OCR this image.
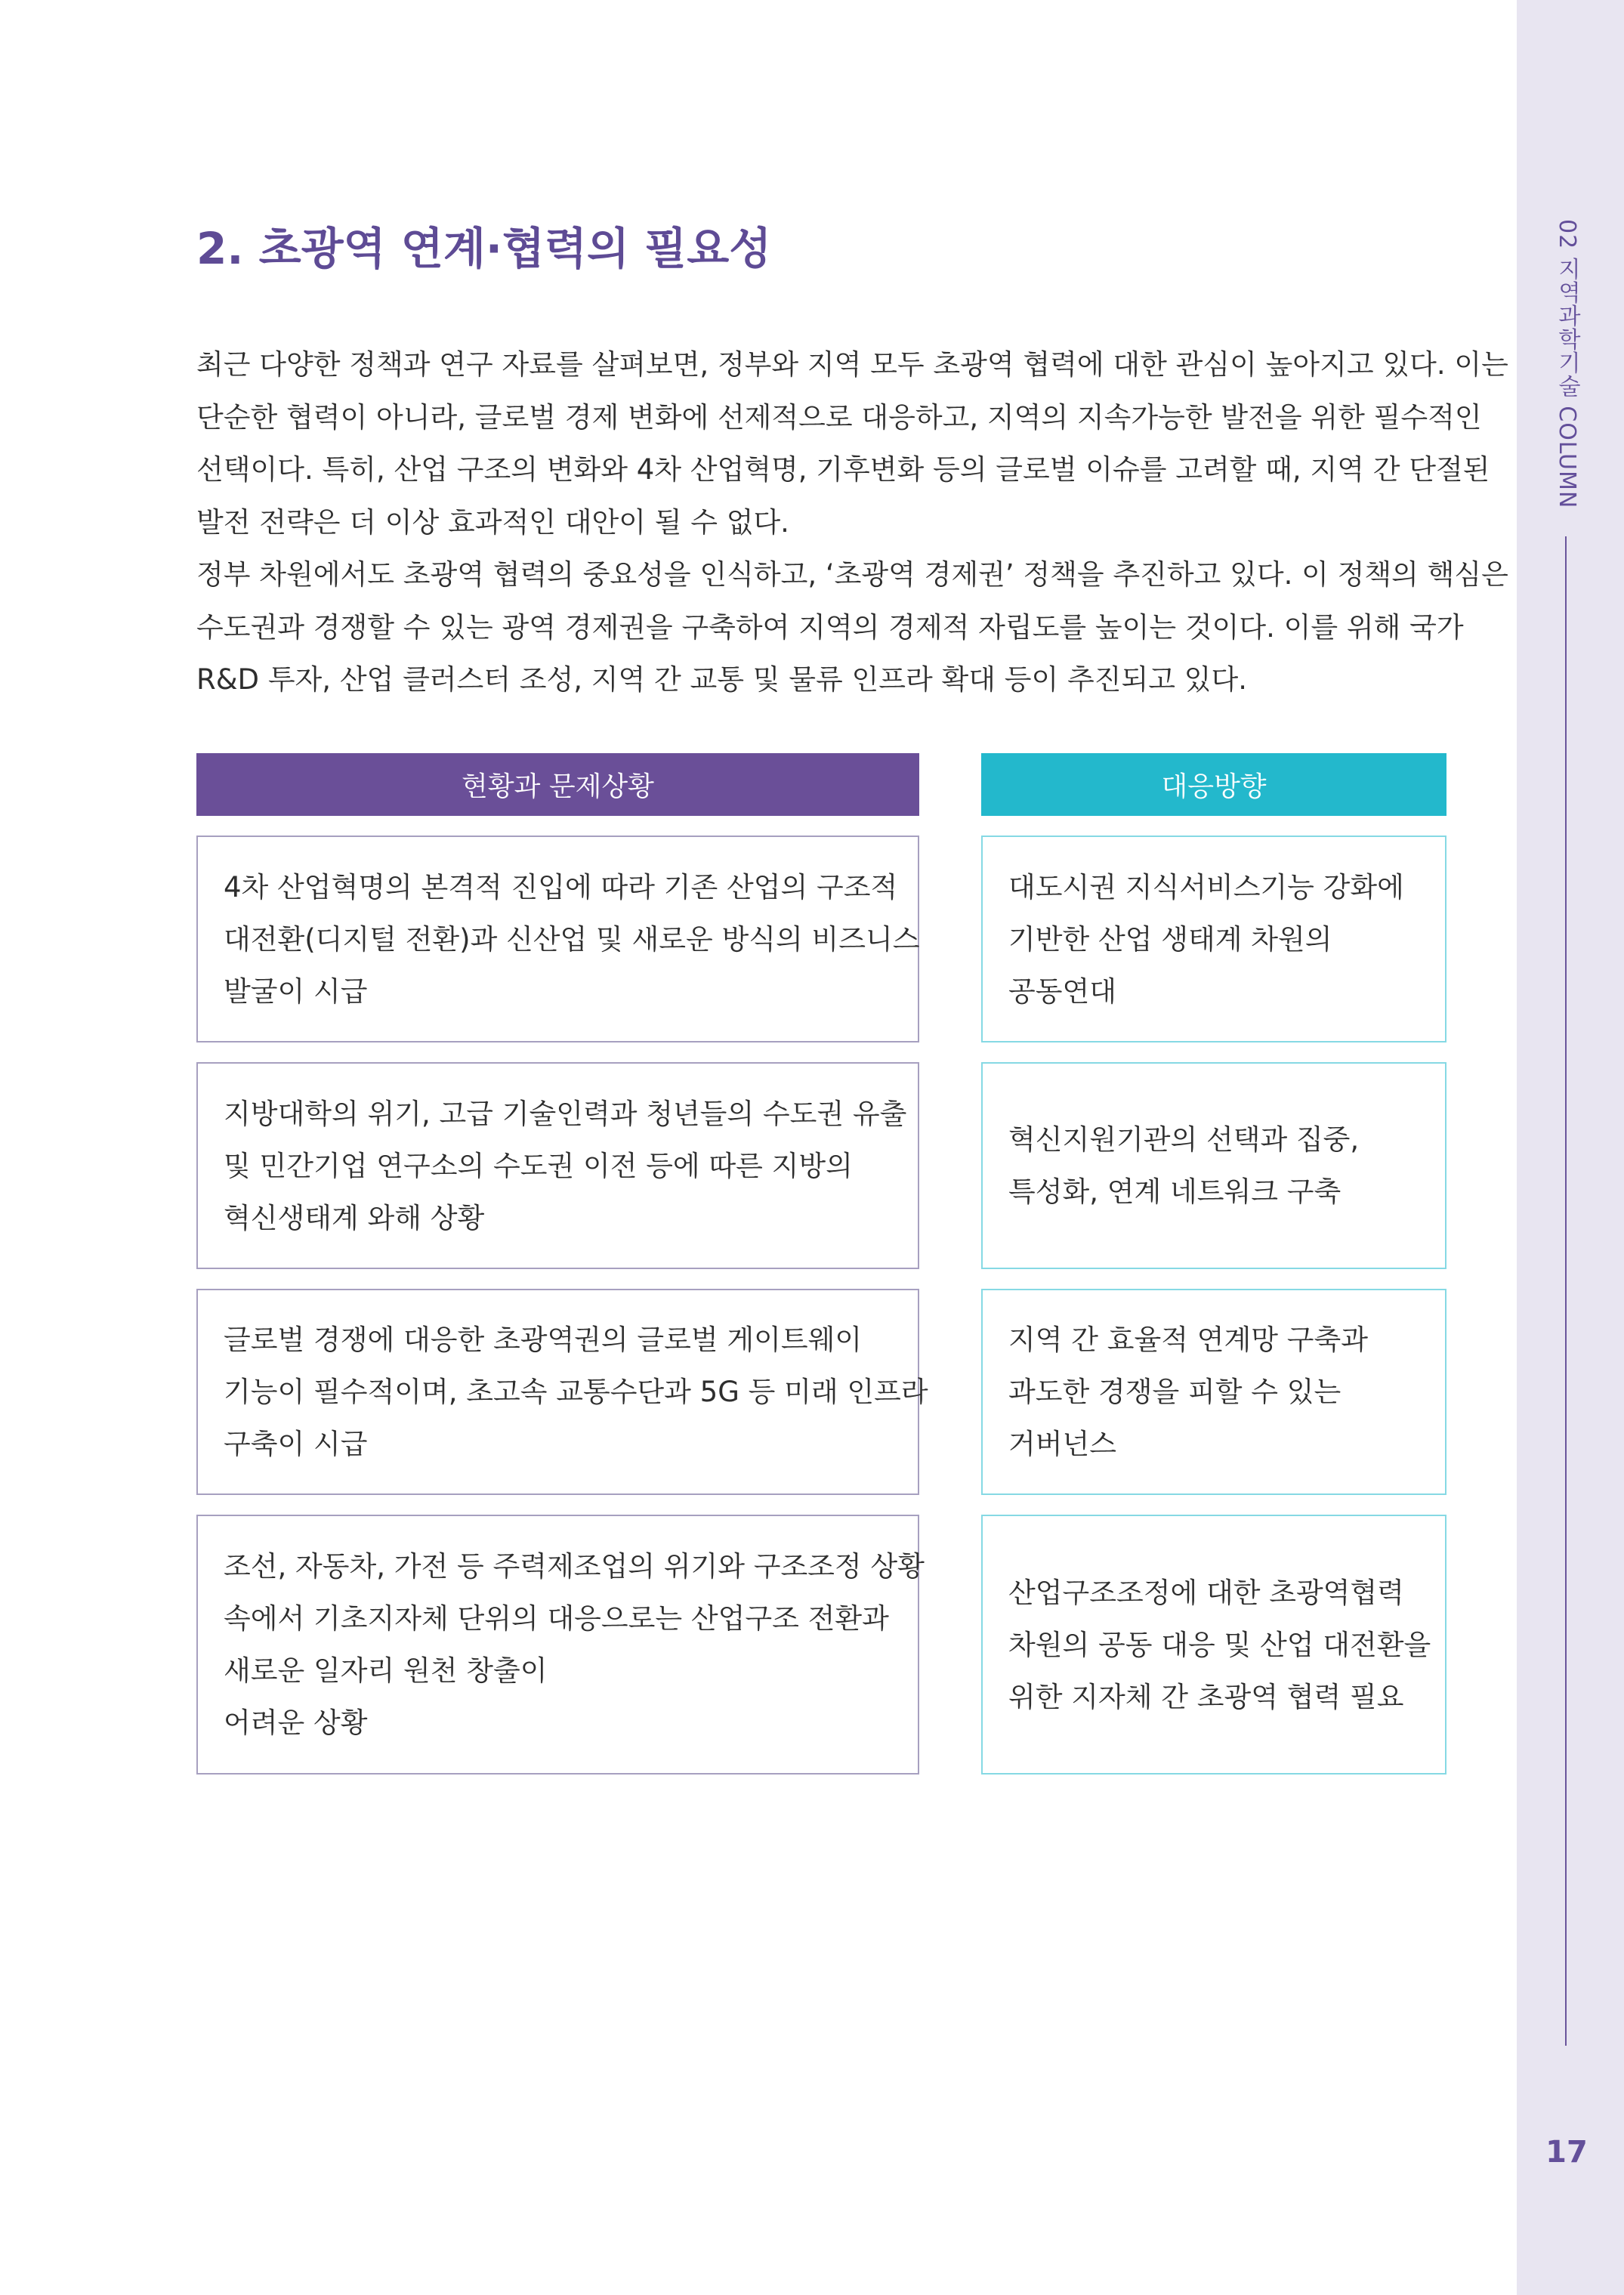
02 지역과학기술 COLUMN
17
2. 초광역 연계·협력의 필요성

최근 다양한 정책과 연구 자료를 살펴보면, 정부와 지역 모두 초광역 협력에 대한 관심이 높아지고 있다. 이는

단순한 협력이 아니라, 글로벌 경제 변화에 선제적으로 대응하고, 지역의 지속가능한 발전을 위한 필수적인

선택이다. 특히, 산업 구조의 변화와 4차 산업혁명, 기후변화 등의 글로벌 이슈를 고려할 때, 지역 간 단절된

발전 전략은 더 이상 효과적인 대안이 될 수 없다.

정부 차원에서도 초광역 협력의 중요성을 인식하고, ‘초광역 경제권’ 정책을 추진하고 있다. 이 정책의 핵심은

수도권과 경쟁할 수 있는 광역 경제권을 구축하여 지역의 경제적 자립도를 높이는 것이다. 이를 위해 국가

R&D 투자, 산업 클러스터 조성, 지역 간 교통 및 물류 인프라 확대 등이 추진되고 있다.

현황과 문제상황	대응방향
4차 산업혁명의 본격적 진입에 따라 기존 산업의 구조적
대전환(디지털 전환)과 신산업 및 새로운 방식의 비즈니스
발굴이 시급
대도시권 지식서비스기능 강화에
기반한 산업 생태계 차원의
공동연대
지방대학의 위기, 고급 기술인력과 청년들의 수도권 유출
및 민간기업 연구소의 수도권 이전 등에 따른 지방의
혁신생태계 와해 상황
혁신지원기관의 선택과 집중,
특성화, 연계 네트워크 구축
글로벌 경쟁에 대응한 초광역권의 글로벌 게이트웨이
기능이 필수적이며, 초고속 교통수단과 5G 등 미래 인프라
구축이 시급
지역 간 효율적 연계망 구축과
과도한 경쟁을 피할 수 있는
거버넌스
조선, 자동차, 가전 등 주력제조업의 위기와 구조조정 상황
속에서 기초지자체 단위의 대응으로는 산업구조 전환과
새로운 일자리 원천 창출이
어려운 상황
산업구조조정에 대한 초광역협력
차원의 공동 대응 및 산업 대전환을
위한 지자체 간 초광역 협력 필요
